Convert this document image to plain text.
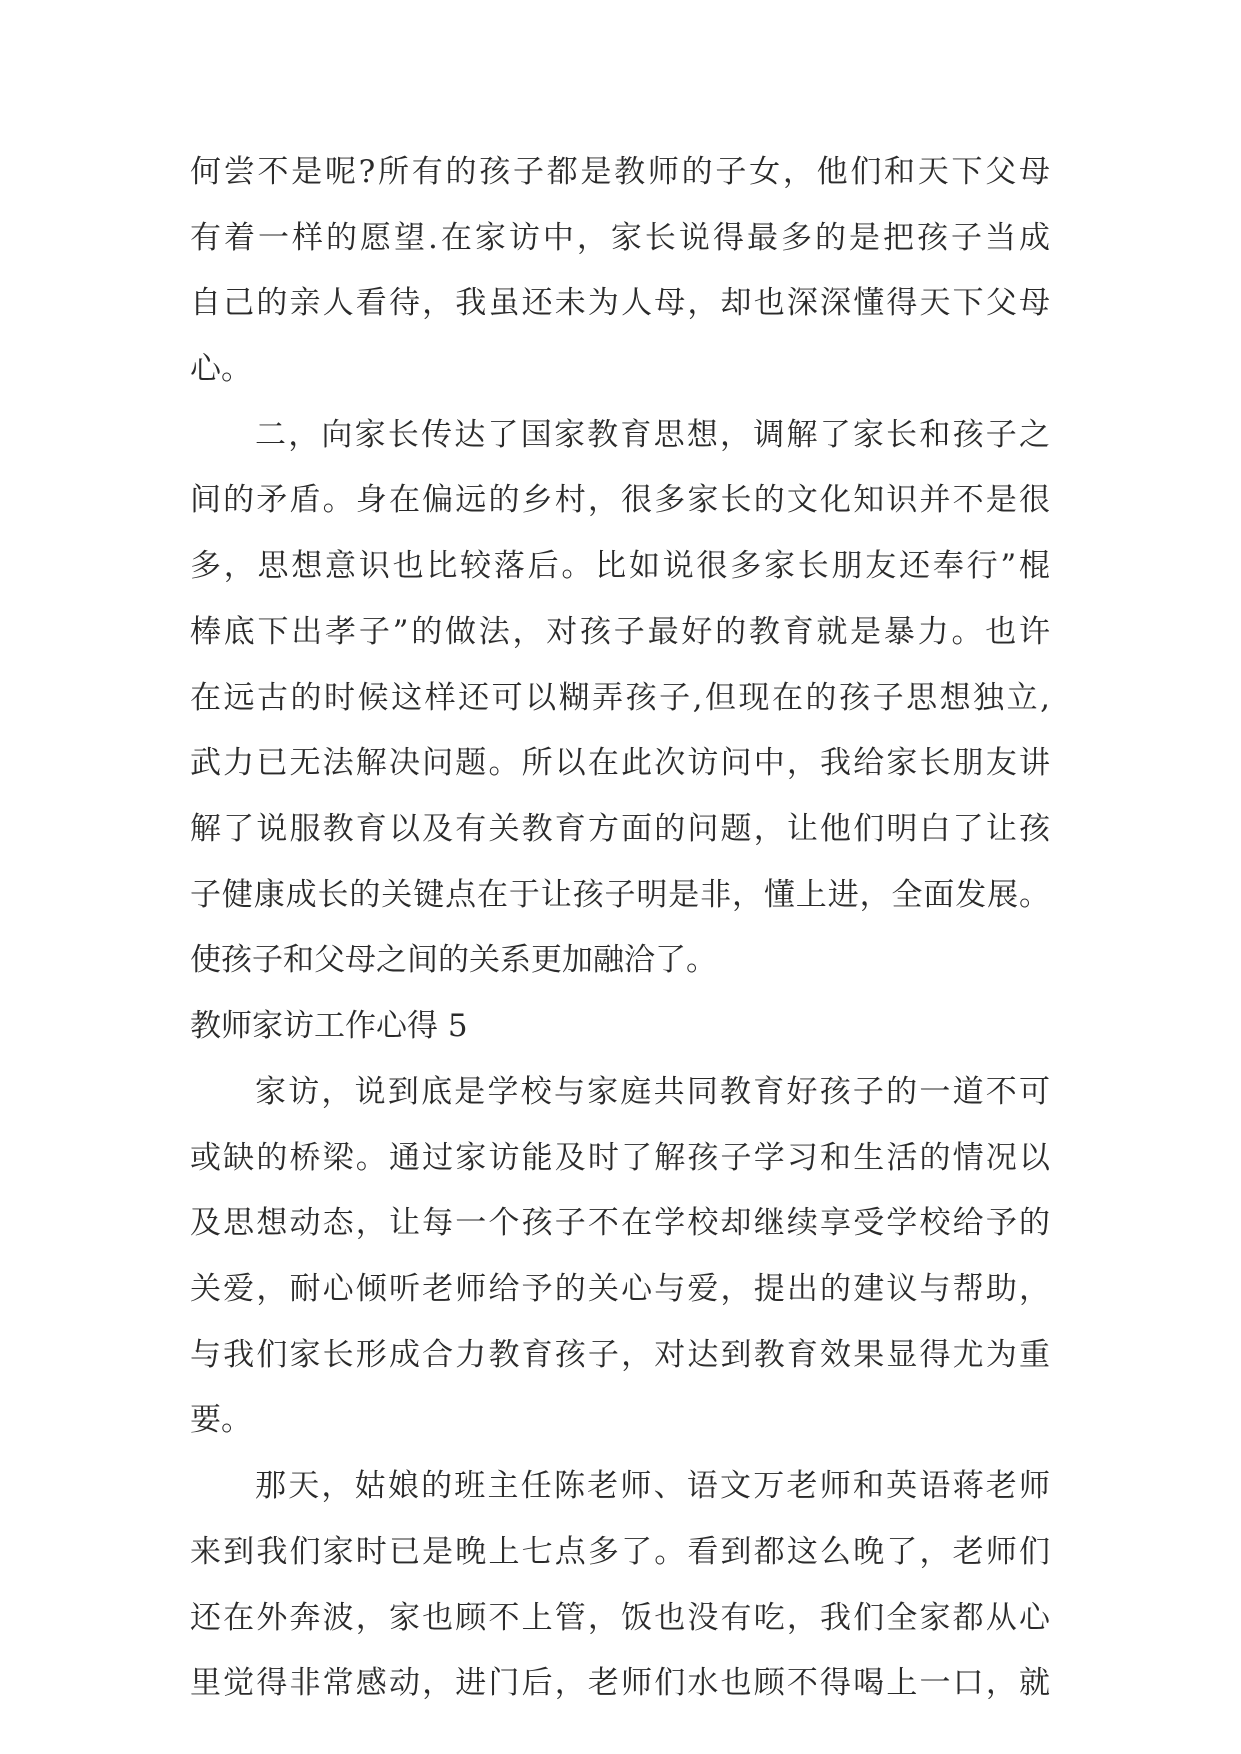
何尝不是呢?所有的孩子都是教师的子女，他们和天下父母
有着一样的愿望.在家访中，家长说得最多的是把孩子当成
自己的亲人看待，我虽还未为人母，却也深深懂得天下父母
心。
二，向家长传达了国家教育思想，调解了家长和孩子之
间的矛盾。身在偏远的乡村，很多家长的文化知识并不是很
多，思想意识也比较落后。比如说很多家长朋友还奉行”棍
棒底下出孝子”的做法，对孩子最好的教育就是暴力。也许
在远古的时候这样还可以糊弄孩子,但现在的孩子思想独立,
武力已无法解决问题。所以在此次访问中，我给家长朋友讲
解了说服教育以及有关教育方面的问题，让他们明白了让孩
子健康成长的关键点在于让孩子明是非，懂上进，全面发展。
使孩子和父母之间的关系更加融洽了。
教师家访工作心得 5
家访，说到底是学校与家庭共同教育好孩子的一道不可
或缺的桥梁。通过家访能及时了解孩子学习和生活的情况以
及思想动态，让每一个孩子不在学校却继续享受学校给予的
关爱，耐心倾听老师给予的关心与爱，提出的建议与帮助，
与我们家长形成合力教育孩子，对达到教育效果显得尤为重
要。
那天，姑娘的班主任陈老师、语文万老师和英语蒋老师
来到我们家时已是晚上七点多了。看到都这么晚了，老师们
还在外奔波，家也顾不上管，饭也没有吃，我们全家都从心
里觉得非常感动，进门后，老师们水也顾不得喝上一口，就
